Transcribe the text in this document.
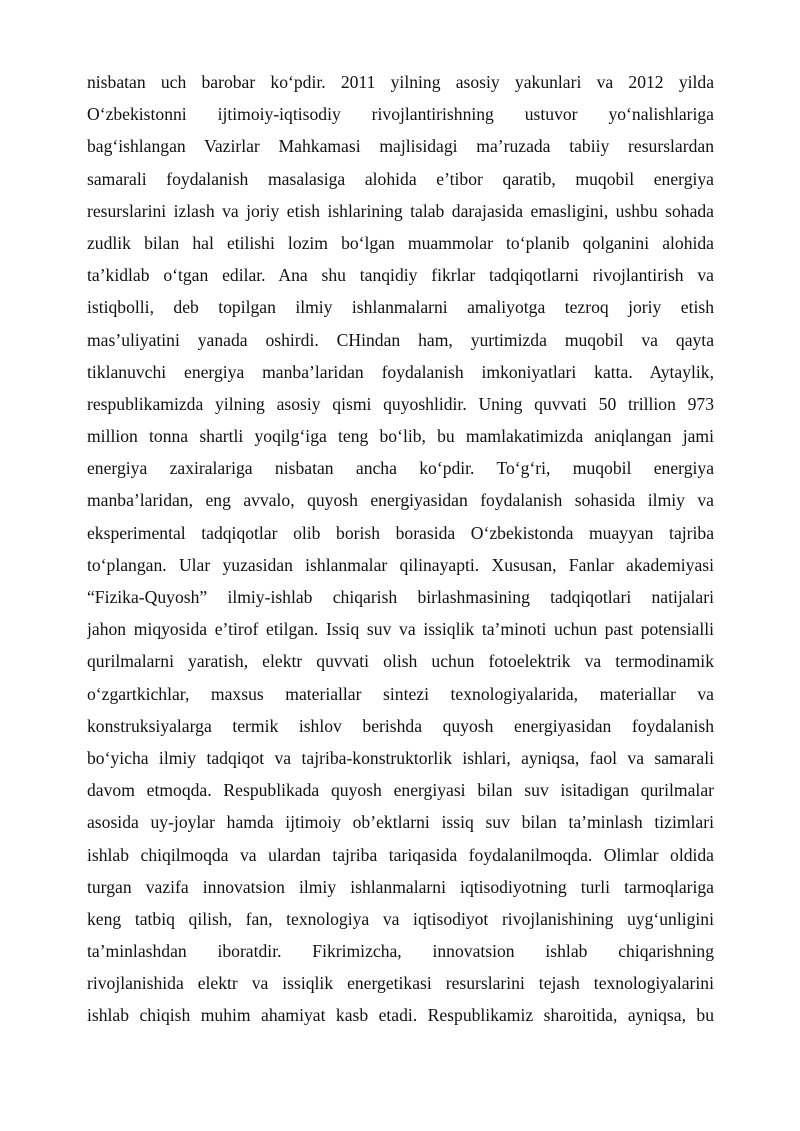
nisbatan uch barobar ko‘pdir. 2011 yilning asosiy yakunlari va 2012 yilda
O‘zbekistonni ijtimoiy-iqtisodiy rivojlantirishning ustuvor yo‘nalishlariga
bag‘ishlangan Vazirlar Mahkamasi majlisidagi ma’ruzada tabiiy resurslardan
samarali foydalanish masalasiga alohida e’tibor qaratib, muqobil energiya
resurslarini izlash va joriy etish ishlarining talab darajasida emasligini, ushbu sohada
zudlik bilan hal etilishi lozim bo‘lgan muammolar to‘planib qolganini alohida
ta’kidlab o‘tgan edilar. Ana shu tanqidiy fikrlar tadqiqotlarni rivojlantirish va
istiqbolli, deb topilgan ilmiy ishlanmalarni amaliyotga tezroq joriy etish
mas’uliyatini yanada oshirdi. CHindan ham, yurtimizda muqobil va qayta
tiklanuvchi energiya manba’laridan foydalanish imkoniyatlari katta. Aytaylik,
respublikamizda yilning asosiy qismi quyoshlidir. Uning quvvati 50 trillion 973
million tonna shartli yoqilg‘iga teng bo‘lib, bu mamlakatimizda aniqlangan jami
energiya zaxiralariga nisbatan ancha ko‘pdir. To‘g‘ri, muqobil energiya
manba’laridan, eng avvalo, quyosh energiyasidan foydalanish sohasida ilmiy va
eksperimental tadqiqotlar olib borish borasida O‘zbekistonda muayyan tajriba
to‘plangan. Ular yuzasidan ishlanmalar qilinayapti. Xususan, Fanlar akademiyasi
“Fizika-Quyosh” ilmiy-ishlab chiqarish birlashmasining tadqiqotlari natijalari
jahon miqyosida e’tirof etilgan. Issiq suv va issiqlik ta’minoti uchun past potensialli
qurilmalarni yaratish, elektr quvvati olish uchun fotoelektrik va termodinamik
o‘zgartkichlar, maxsus materiallar sintezi texnologiyalarida, materiallar va
konstruksiyalarga termik ishlov berishda quyosh energiyasidan foydalanish
bo‘yicha ilmiy tadqiqot va tajriba-konstruktorlik ishlari, ayniqsa, faol va samarali
davom etmoqda. Respublikada quyosh energiyasi bilan suv isitadigan qurilmalar
asosida uy-joylar hamda ijtimoiy ob’ektlarni issiq suv bilan ta’minlash tizimlari
ishlab chiqilmoqda va ulardan tajriba tariqasida foydalanilmoqda. Olimlar oldida
turgan vazifa innovatsion ilmiy ishlanmalarni iqtisodiyotning turli tarmoqlariga
keng tatbiq qilish, fan, texnologiya va iqtisodiyot rivojlanishining uyg‘unligini
ta’minlashdan iboratdir. Fikrimizcha, innovatsion ishlab chiqarishning
rivojlanishida elektr va issiqlik energetikasi resurslarini tejash texnologiyalarini
ishlab chiqish muhim ahamiyat kasb etadi. Respublikamiz sharoitida, ayniqsa, bu
